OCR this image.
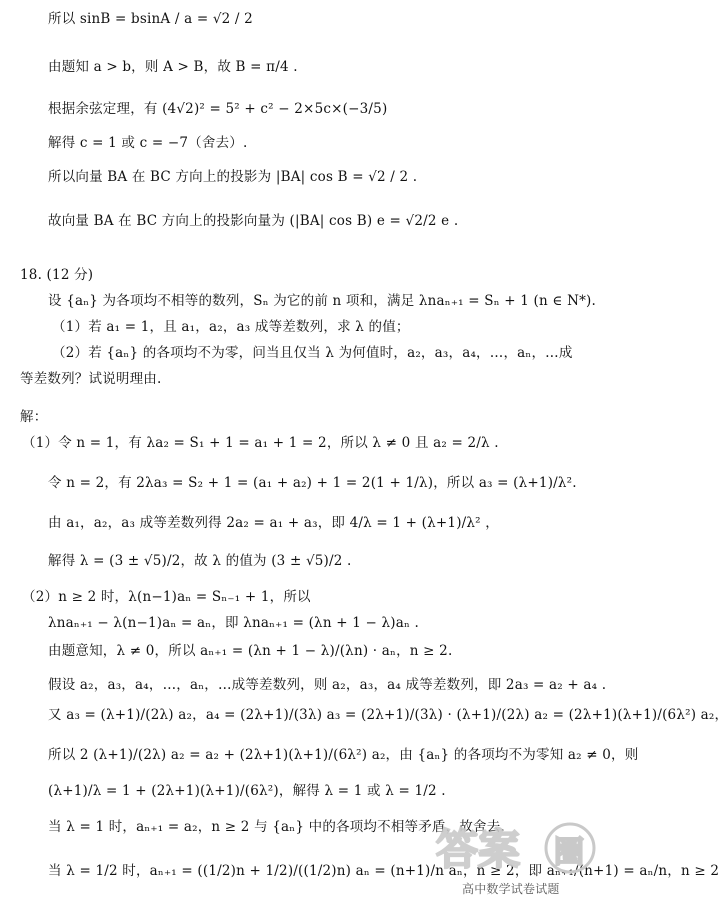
所以 sinB = bsinA / a = √2 / 2
由题知 a > b，则 A > B，故 B = π/4 .
根据余弦定理，有 (4√2)² = 5² + c² − 2×5c×(−3/5)
解得 c = 1 或 c = −7（舍去）.
所以向量 BA 在 BC 方向上的投影为 |BA| cos B = √2 / 2 .
故向量 BA 在 BC 方向上的投影向量为 (|BA| cos B) e = √2/2 e .
18. (12 分)
设 {aₙ} 为各项均不相等的数列，Sₙ 为它的前 n 项和，满足 λnaₙ₊₁ = Sₙ + 1 (n ∈ N*).
（1）若 a₁ = 1，且 a₁，a₂，a₃ 成等差数列，求 λ 的值；
（2）若 {aₙ} 的各项均不为零，问当且仅当 λ 为何值时，a₂，a₃，a₄，…，aₙ，…成
等差数列？试说明理由.
解：
（1）令 n = 1，有 λa₂ = S₁ + 1 = a₁ + 1 = 2，所以 λ ≠ 0 且 a₂ = 2/λ .
令 n = 2，有 2λa₃ = S₂ + 1 = (a₁ + a₂) + 1 = 2(1 + 1/λ)，所以 a₃ = (λ+1)/λ².
由 a₁，a₂，a₃ 成等差数列得 2a₂ = a₁ + a₃，即 4/λ = 1 + (λ+1)/λ² ，
解得 λ = (3 ± √5)/2，故 λ 的值为 (3 ± √5)/2 .
（2）n ≥ 2 时，λ(n−1)aₙ = Sₙ₋₁ + 1，所以
λnaₙ₊₁ − λ(n−1)aₙ = aₙ，即 λnaₙ₊₁ = (λn + 1 − λ)aₙ .
由题意知，λ ≠ 0，所以 aₙ₊₁ = (λn + 1 − λ)/(λn) · aₙ，n ≥ 2.
假设 a₂，a₃，a₄，…，aₙ，…成等差数列，则 a₂，a₃，a₄ 成等差数列，即 2a₃ = a₂ + a₄ .
又 a₃ = (λ+1)/(2λ) a₂，a₄ = (2λ+1)/(3λ) a₃ = (2λ+1)/(3λ) · (λ+1)/(2λ) a₂ = (2λ+1)(λ+1)/(6λ²) a₂，
所以 2 (λ+1)/(2λ) a₂ = a₂ + (2λ+1)(λ+1)/(6λ²) a₂，由 {aₙ} 的各项均不为零知 a₂ ≠ 0，则
(λ+1)/λ = 1 + (2λ+1)(λ+1)/(6λ²)，解得 λ = 1 或 λ = 1/2 .
当 λ = 1 时，aₙ₊₁ = a₂，n ≥ 2 与 {aₙ} 中的各项均不相等矛盾，故舍去.
当 λ = 1/2 时，aₙ₊₁ = ((1/2)n + 1/2)/((1/2)n) aₙ = (n+1)/n aₙ，n ≥ 2，即 aₙ₊₁/(n+1) = aₙ/n，n ≥ 2
答案 圈
高中数学试卷试题
